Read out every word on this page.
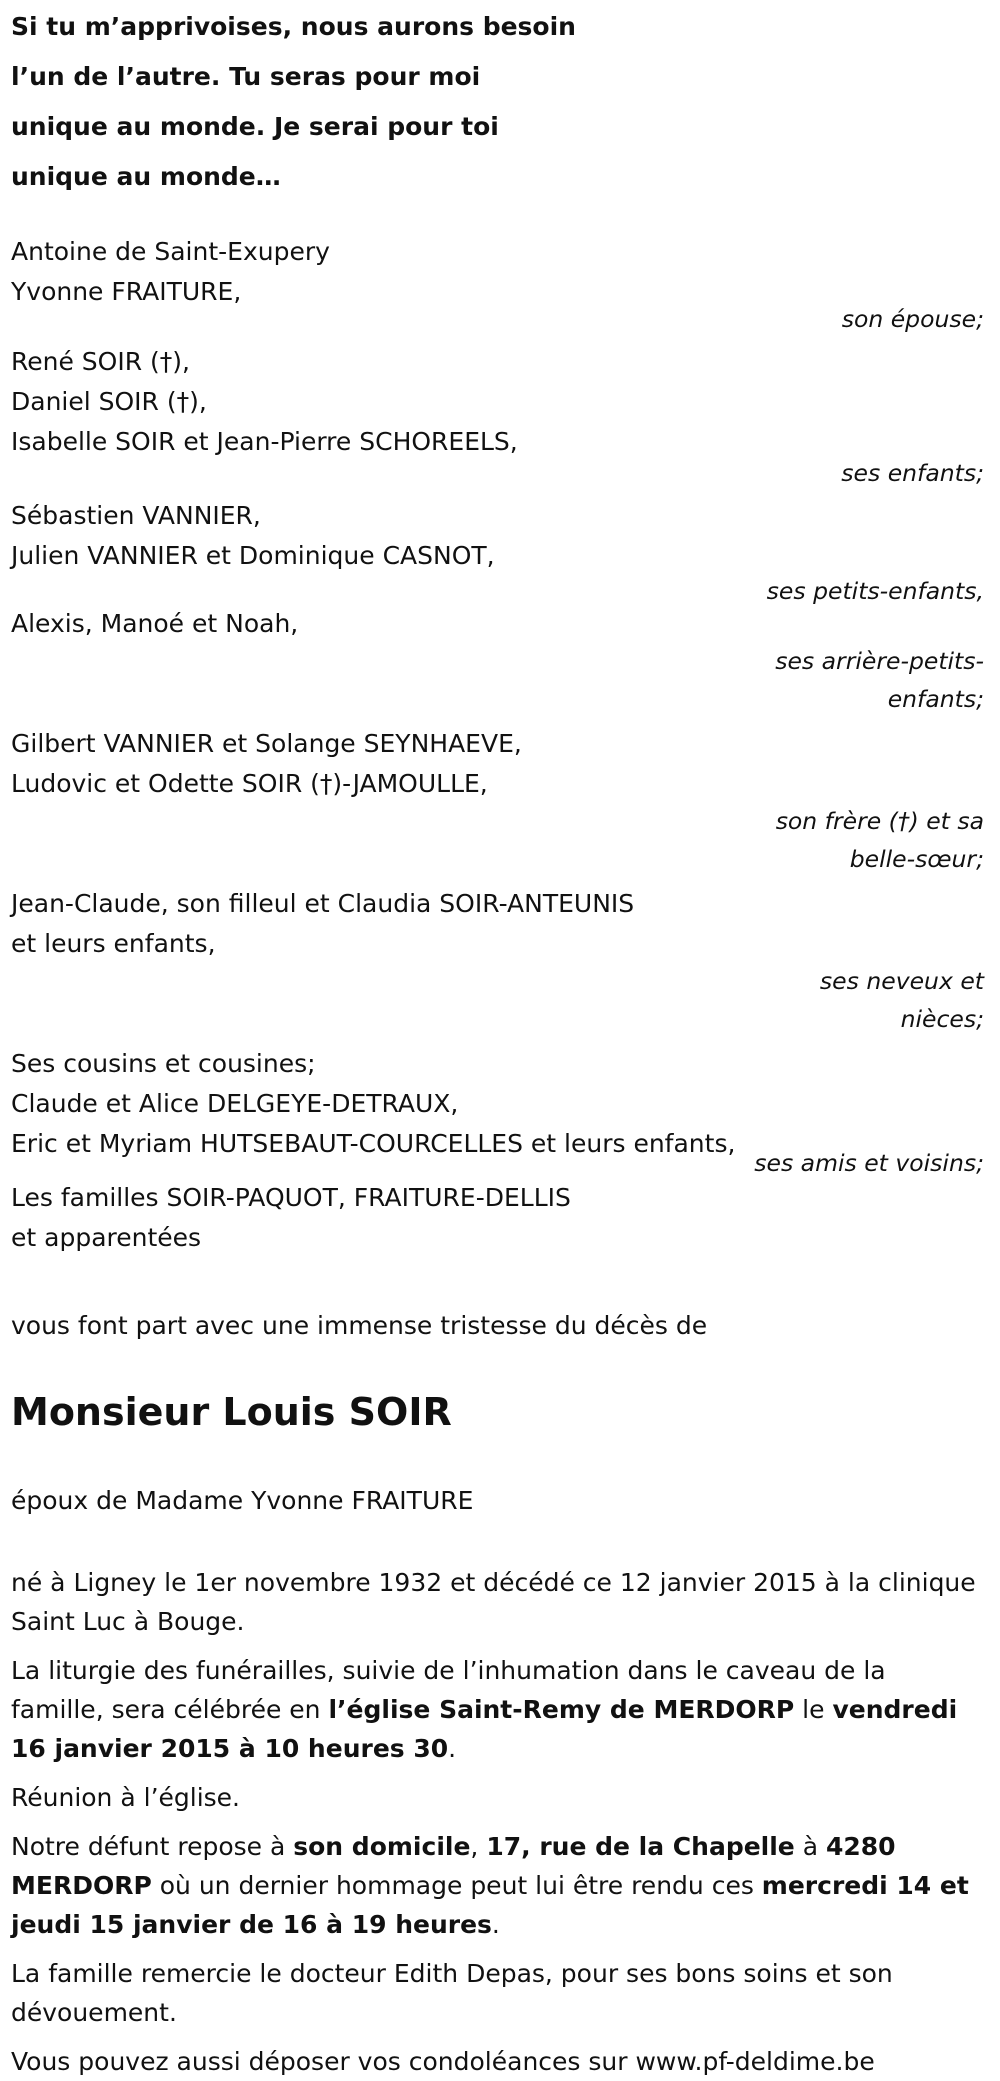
Si tu m’apprivoises, nous aurons besoin
l’un de l’autre. Tu seras pour moi
unique au monde. Je serai pour toi
unique au monde…
Antoine de Saint-Exupery
Yvonne FRAITURE,
son épouse;
René SOIR (†),
Daniel SOIR (†),
Isabelle SOIR et Jean-Pierre SCHOREELS,
ses enfants;
Sébastien VANNIER,
Julien VANNIER et Dominique CASNOT,
ses petits-enfants,
Alexis, Manoé et Noah,
ses arrière-petits-
enfants;
Gilbert VANNIER et Solange SEYNHAEVE,
Ludovic et Odette SOIR (†)-JAMOULLE,
son frère (†) et sa
belle-sœur;
Jean-Claude, son filleul et Claudia SOIR-ANTEUNIS
et leurs enfants,
ses neveux et
nièces;
Ses cousins et cousines;
Claude et Alice DELGEYE-DETRAUX,
Eric et Myriam HUTSEBAUT-COURCELLES et leurs enfants,
ses amis et voisins;
Les familles SOIR-PAQUOT, FRAITURE-DELLIS
et apparentées
vous font part avec une immense tristesse du décès de
Monsieur Louis SOIR
époux de Madame Yvonne FRAITURE
né à Ligney le 1er novembre 1932 et décédé ce 12 janvier 2015 à la clinique Saint Luc à Bouge.
La liturgie des funérailles, suivie de l’inhumation dans le caveau de la famille, sera célébrée en l’église Saint-Remy de MERDORP le vendredi 16 janvier 2015 à 10 heures 30.
Réunion à l’église.
Notre défunt repose à son domicile, 17, rue de la Chapelle à 4280 MERDORP où un dernier hommage peut lui être rendu ces mercredi 14 et jeudi 15 janvier de 16 à 19 heures.
La famille remercie le docteur Edith Depas, pour ses bons soins et son dévouement.
Vous pouvez aussi déposer vos condoléances sur www.pf-deldime.be
